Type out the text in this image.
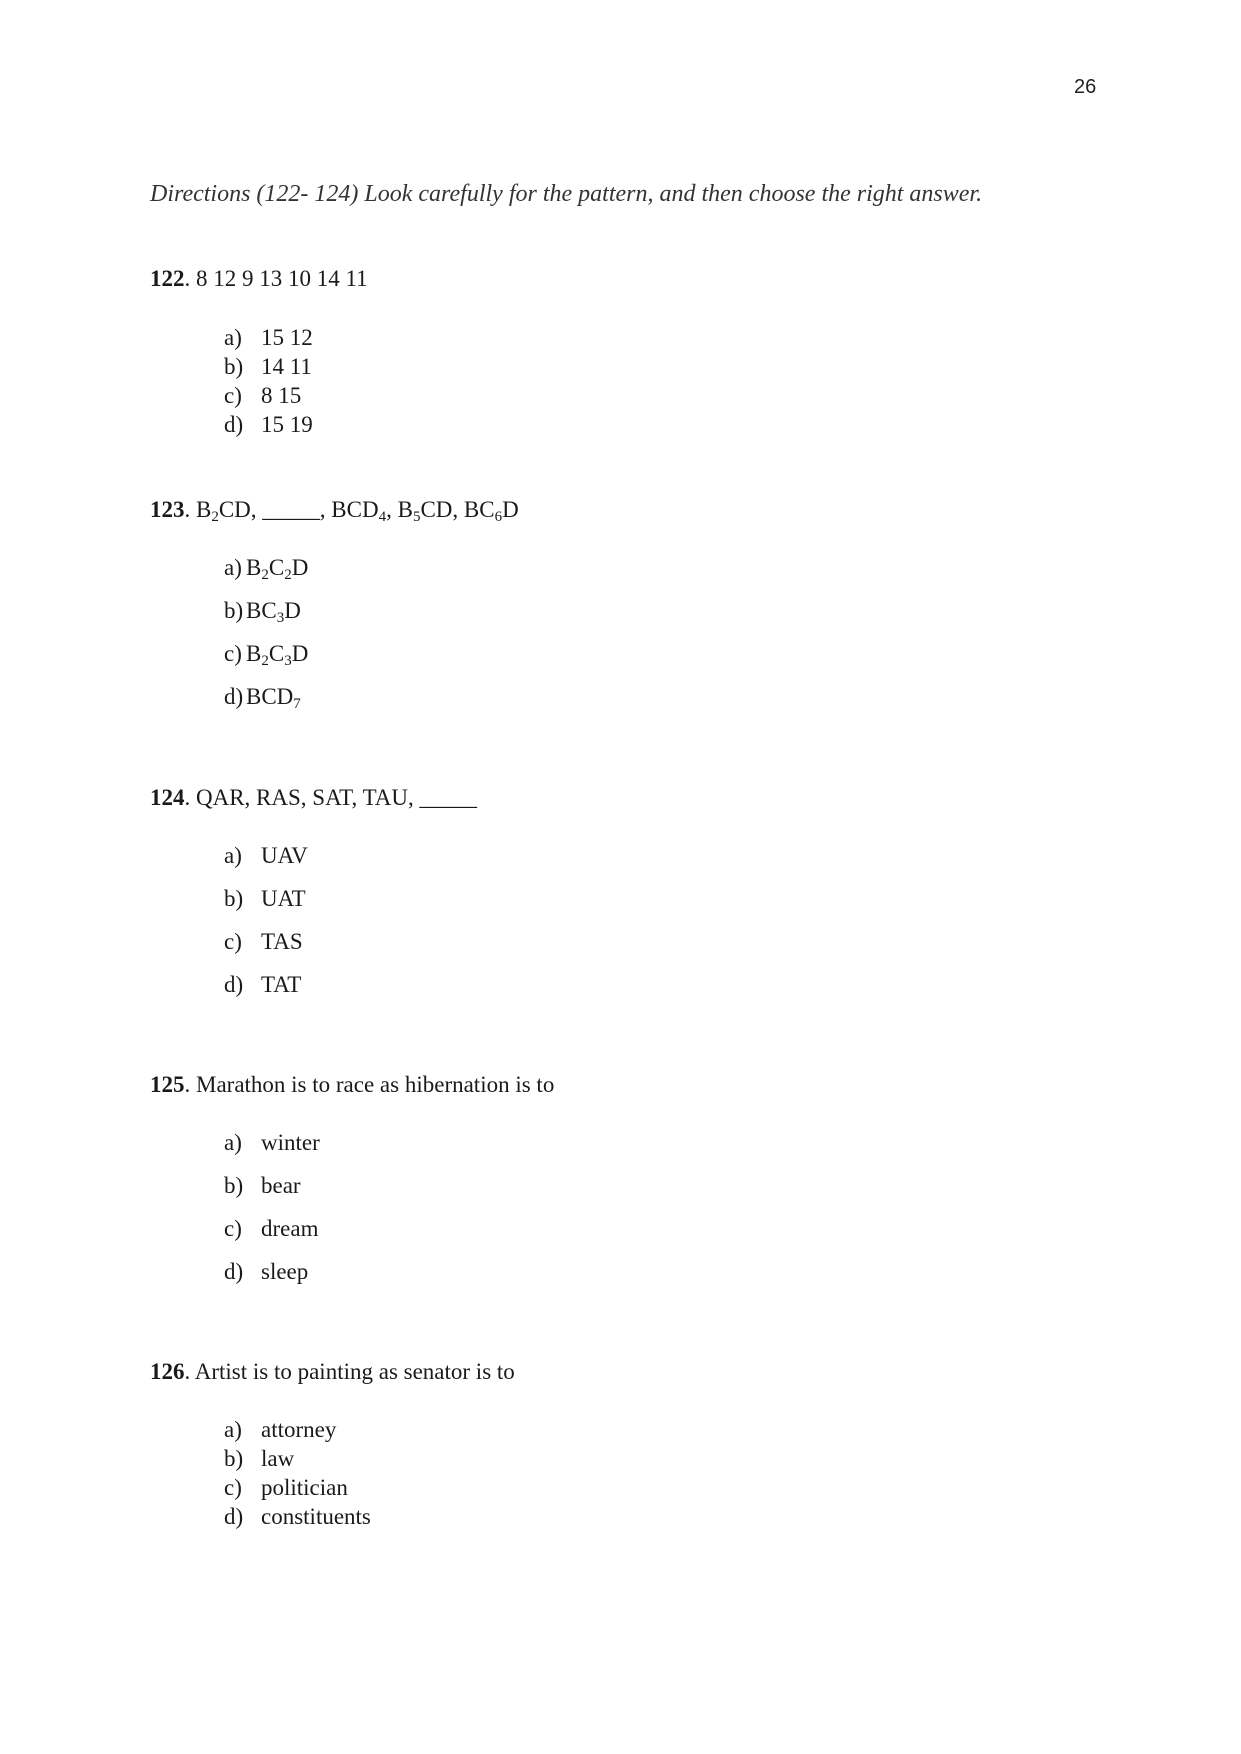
26
Directions (122- 124) Look carefully for the pattern, and then choose the right answer.
122. 8 12 9 13 10 14 11
a) 15 12
b) 14 11
c) 8 15
d) 15 19
123. $B_2CD$, _____, $BCD_4$, $B_5CD$, $BC_6D$
a) $B_2C_2D$
b) $BC_3D$
c) $B_2C_3D$
d) $BCD_7$
124. QAR, RAS, SAT, TAU, _____
a) UAV
b) UAT
c) TAS
d) TAT
125. Marathon is to race as hibernation is to
a) winter
b) bear
c) dream
d) sleep
126. Artist is to painting as senator is to
a) attorney
b) law
c) politician
d) constituents
